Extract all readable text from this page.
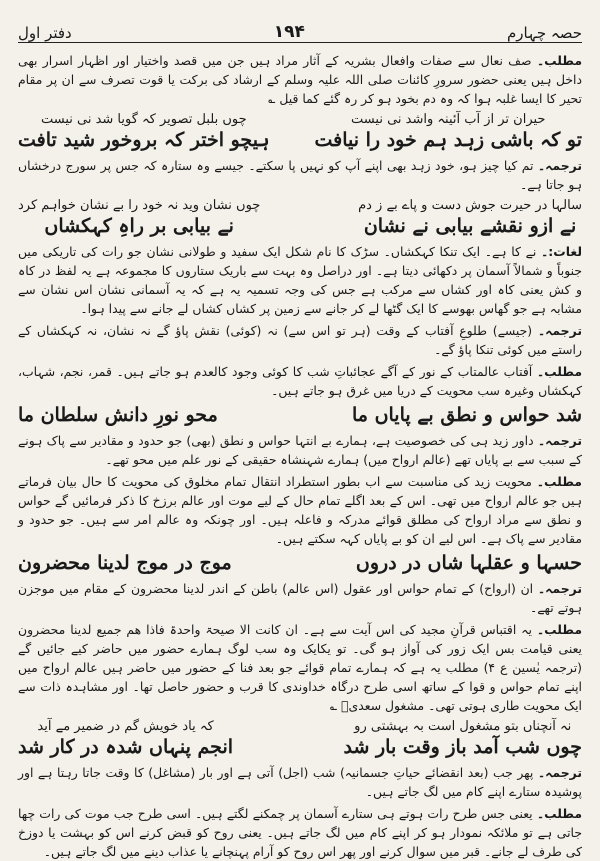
حصہ چہارم
۱۹۴
دفتر اول

مطلب۔ صف نعال سے صفات وافعال بشریہ کے آثار مراد ہیں جن میں قصد واختیار اور اظہار اسرار بھی داخل ہیں یعنی حضور سرورِ کائنات صلی اللہ علیہ وسلم کے ارشاد کی برکت یا قوت تصرف سے ان پر مقام تحیر کا ایسا غلبہ ہوا کہ وہ دم بخود ہو کر رہ گئے کما قیل ؎

حیران تر از آب آئینہ واشد نی نیست
تو کہ باشی زہد ہم خود را نیافت
چوں بلبل تصویر کہ گویا شد نی نیست
ہیچو اختر کہ بروخور شید تافت

ترجمہ۔ تم کیا چیز ہو، خود زہد بھی اپنے آپ کو نہیں پا سکتے۔ جیسے وہ ستارہ کہ جس پر سورج درخشاں ہو جاتا ہے۔

سالہا در حیرت جوش دست و پاے بے ز دم
نے ازو نقشے بیابی نے نشان
چوں نشان وید نہ خود را بے نشان خواہم کرد
نے بیابی بر راہِ کہکشاں

لغات:۔ نے کا ہے۔ ایک تنکا کہکشاں۔ سڑک کا نام شکل ایک سفید و طولانی نشان جو رات کی تاریکی میں جنوباً و شمالاً آسمان پر دکھائی دیتا ہے۔ اور دراصل وہ بہت سے باریک ستاروں کا مجموعہ ہے یہ لفظ در کاہ و کش یعنی کاہ اور کشاں سے مرکب ہے جس کی وجہ تسمیہ یہ ہے کہ یہ آسمانی نشان اس نشان سے مشابہ ہے جو گھاس بھوسے کا ایک گٹھا لے کر جانے سے زمین پر کشاں کشاں لے جانے سے پیدا ہوا۔

ترجمہ۔ (جیسے) طلوعِ آفتاب کے وقت (ہر تو اس سے) نہ (کوئی) نقش پاؤ گے نہ نشان، نہ کہکشاں کے راستے میں کوئی تنکا پاؤ گے۔

مطلب۔ آفتاب عالمتاب کے نور کے آگے عجائباتِ شب کا کوئی وجود کالعدم ہو جاتے ہیں۔ قمر، نجم، شہاب، کہکشاں وغیرہ سب محویت کے دریا میں غرق ہو جاتے ہیں۔

شد حواس و نطق بے پایاں ما
محو نورِ دانش سلطان ما

ترجمہ۔ داور زید ہی کی خصوصیت ہے، ہمارے بے انتہا حواس و نطق (بھی) جو حدود و مقادیر سے پاک ہونے کے سبب سے بے پایاں تھے (عالم ارواح میں) ہمارے شہنشاہ حقیقی کے نور علم میں محو تھے۔

مطلب۔ محویت زید کی مناسبت سے اب بطور استطراد انتقال تمام مخلوق کی محویت کا حال بیان فرماتے ہیں جو عالم ارواح میں تھی۔ اس کے بعد اگلے تمام حال کے لیے موت اور عالم برزخ کا ذکر فرمائیں گے حواس و نطق سے مراد ارواح کی مطلق قوائے مدرکہ و فاعلہ ہیں۔ اور چونکہ وہ عالم امر سے ہیں۔ جو حدود و مقادیر سے پاک ہے۔ اس لیے ان کو بے پایاں کہہ سکتے ہیں۔

حسہا و عقلہا شاں در دروں
موج در موج لدینا محضرون

ترجمہ۔ ان (ارواح) کے تمام حواس اور عقول (اس عالم) باطن کے اندر لدینا محضرون کے مقام میں موجزن ہوتے تھے۔

مطلب۔ یہ اقتباس قرآنِ مجید کی اس آیت سے ہے۔ ان کانت الا صیحۃ واحدۃ فاذا ھم جمیع لدینا محضرون یعنی قیامت بس ایک زور کی آواز ہو گی۔ تو یکایک وہ سب لوگ ہمارے حضور میں حاضر کیے جائیں گے (ترجمہ یٰسین ع ۴) مطلب یہ ہے کہ ہمارے تمام قوائے جو بعد فنا کے حضور میں حاضر ہیں عالم ارواح میں اپنے تمام حواس و قوا کے ساتھ اسی طرح درگاہ خداوندی کا قرب و حضور حاصل تھا۔ اور مشاہدہ ذات سے ایک محویت طاری ہوتی تھی۔ مشغول سعدیؒ ؎

نہ آنچناں بتو مشغول است بہ بہشتی رو
چوں شب آمد باز وقت بار شد
کہ یاد خویش گم در ضمیر مے آید
انجم پنہاں شدہ در کار شد

ترجمہ۔ پھر جب (بعد انقضائے حیاتِ جسمانیہ) شب (اجل) آتی ہے اور بار (مشاغل) کا وقت جاتا رہتا ہے اور پوشیدہ ستارے اپنے کام میں لگ جاتے ہیں۔

مطلب۔ یعنی جس طرح رات ہوتے ہی ستارے آسمان پر چمکنے لگتے ہیں۔ اسی طرح جب موت کی رات چھا جاتی ہے تو ملائکہ نمودار ہو کر اپنے کام میں لگ جاتے ہیں۔ یعنی روح کو قبض کرنے اس کو بہشت یا دوزخ کی طرف لے جانے۔ قبر میں سوال کرنے اور پھر اس روح کو آرام پہنچانے یا عذاب دینے میں لگ جاتے ہیں۔
